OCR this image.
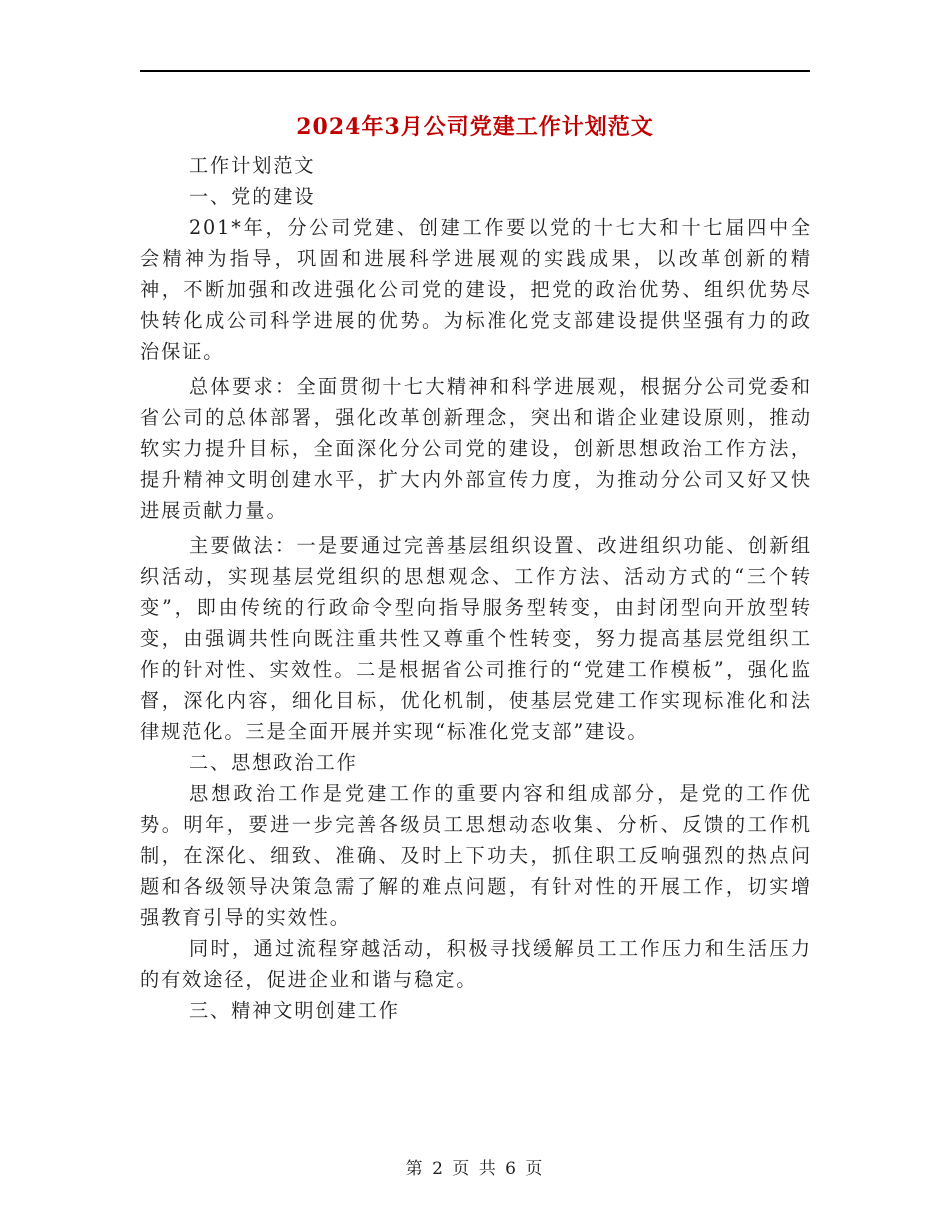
2024年3月公司党建工作计划范文

工作计划范文

一、党的建设

201*年，分公司党建、创建工作要以党的十七大和十七届四中全会精神为指导，巩固和进展科学进展观的实践成果，以改革创新的精神，不断加强和改进强化公司党的建设，把党的政治优势、组织优势尽快转化成公司科学进展的优势。为标准化党支部建设提供坚强有力的政治保证。

总体要求：全面贯彻十七大精神和科学进展观，根据分公司党委和省公司的总体部署，强化改革创新理念，突出和谐企业建设原则，推动软实力提升目标，全面深化分公司党的建设，创新思想政治工作方法，提升精神文明创建水平，扩大内外部宣传力度，为推动分公司又好又快进展贡献力量。

主要做法：一是要通过完善基层组织设置、改进组织功能、创新组织活动，实现基层党组织的思想观念、工作方法、活动方式的“三个转变”，即由传统的行政命令型向指导服务型转变，由封闭型向开放型转变，由强调共性向既注重共性又尊重个性转变，努力提高基层党组织工作的针对性、实效性。二是根据省公司推行的“党建工作模板”，强化监督，深化内容，细化目标，优化机制，使基层党建工作实现标准化和法律规范化。三是全面开展并实现“标准化党支部”建设。

二、思想政治工作

思想政治工作是党建工作的重要内容和组成部分，是党的工作优势。明年，要进一步完善各级员工思想动态收集、分析、反馈的工作机制，在深化、细致、准确、及时上下功夫，抓住职工反响强烈的热点问题和各级领导决策急需了解的难点问题，有针对性的开展工作，切实增强教育引导的实效性。

同时，通过流程穿越活动，积极寻找缓解员工工作压力和生活压力的有效途径，促进企业和谐与稳定。

三、精神文明创建工作

第 2 页 共 6 页
